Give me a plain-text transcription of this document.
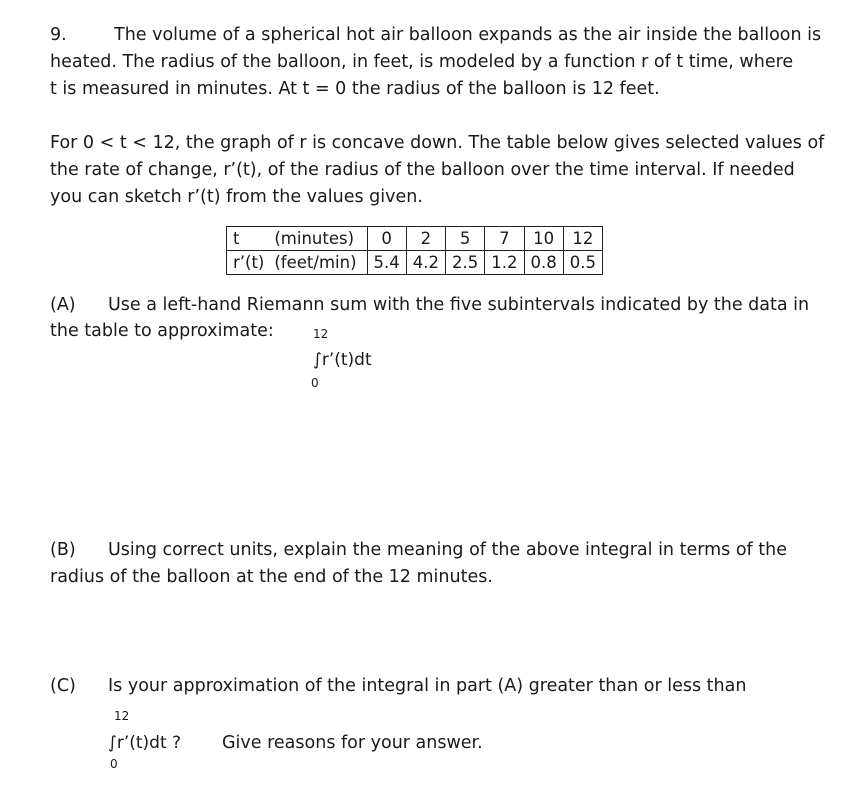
9.	The volume of a spherical hot air balloon expands as the air inside the balloon is
heated. The radius of the balloon, in feet, is modeled by a function r of t time, where
t is measured in minutes. At t = 0 the radius of the balloon is 12 feet.
For 0 < t < 12, the graph of r is concave down. The table below gives selected values of
the rate of change, r’(t), of the radius of the balloon over the time interval. If needed
you can sketch r’(t) from the values given.
t	(minutes)	0	2	5	7	10	12
r’(t)	(feet/min)	5.4	4.2	2.5	1.2	0.8	0.5
(A) Use a left-hand Riemann sum with the five subintervals indicated by the data in
the table to approximate:	12
∫r’(t)dt
0
(B) Using correct units, explain the meaning of the above integral in terms of the
radius of the balloon at the end of the 12 minutes.
(C) Is your approximation of the integral in part (A) greater than or less than
12
∫r’(t)dt ? Give reasons for your answer.
0
